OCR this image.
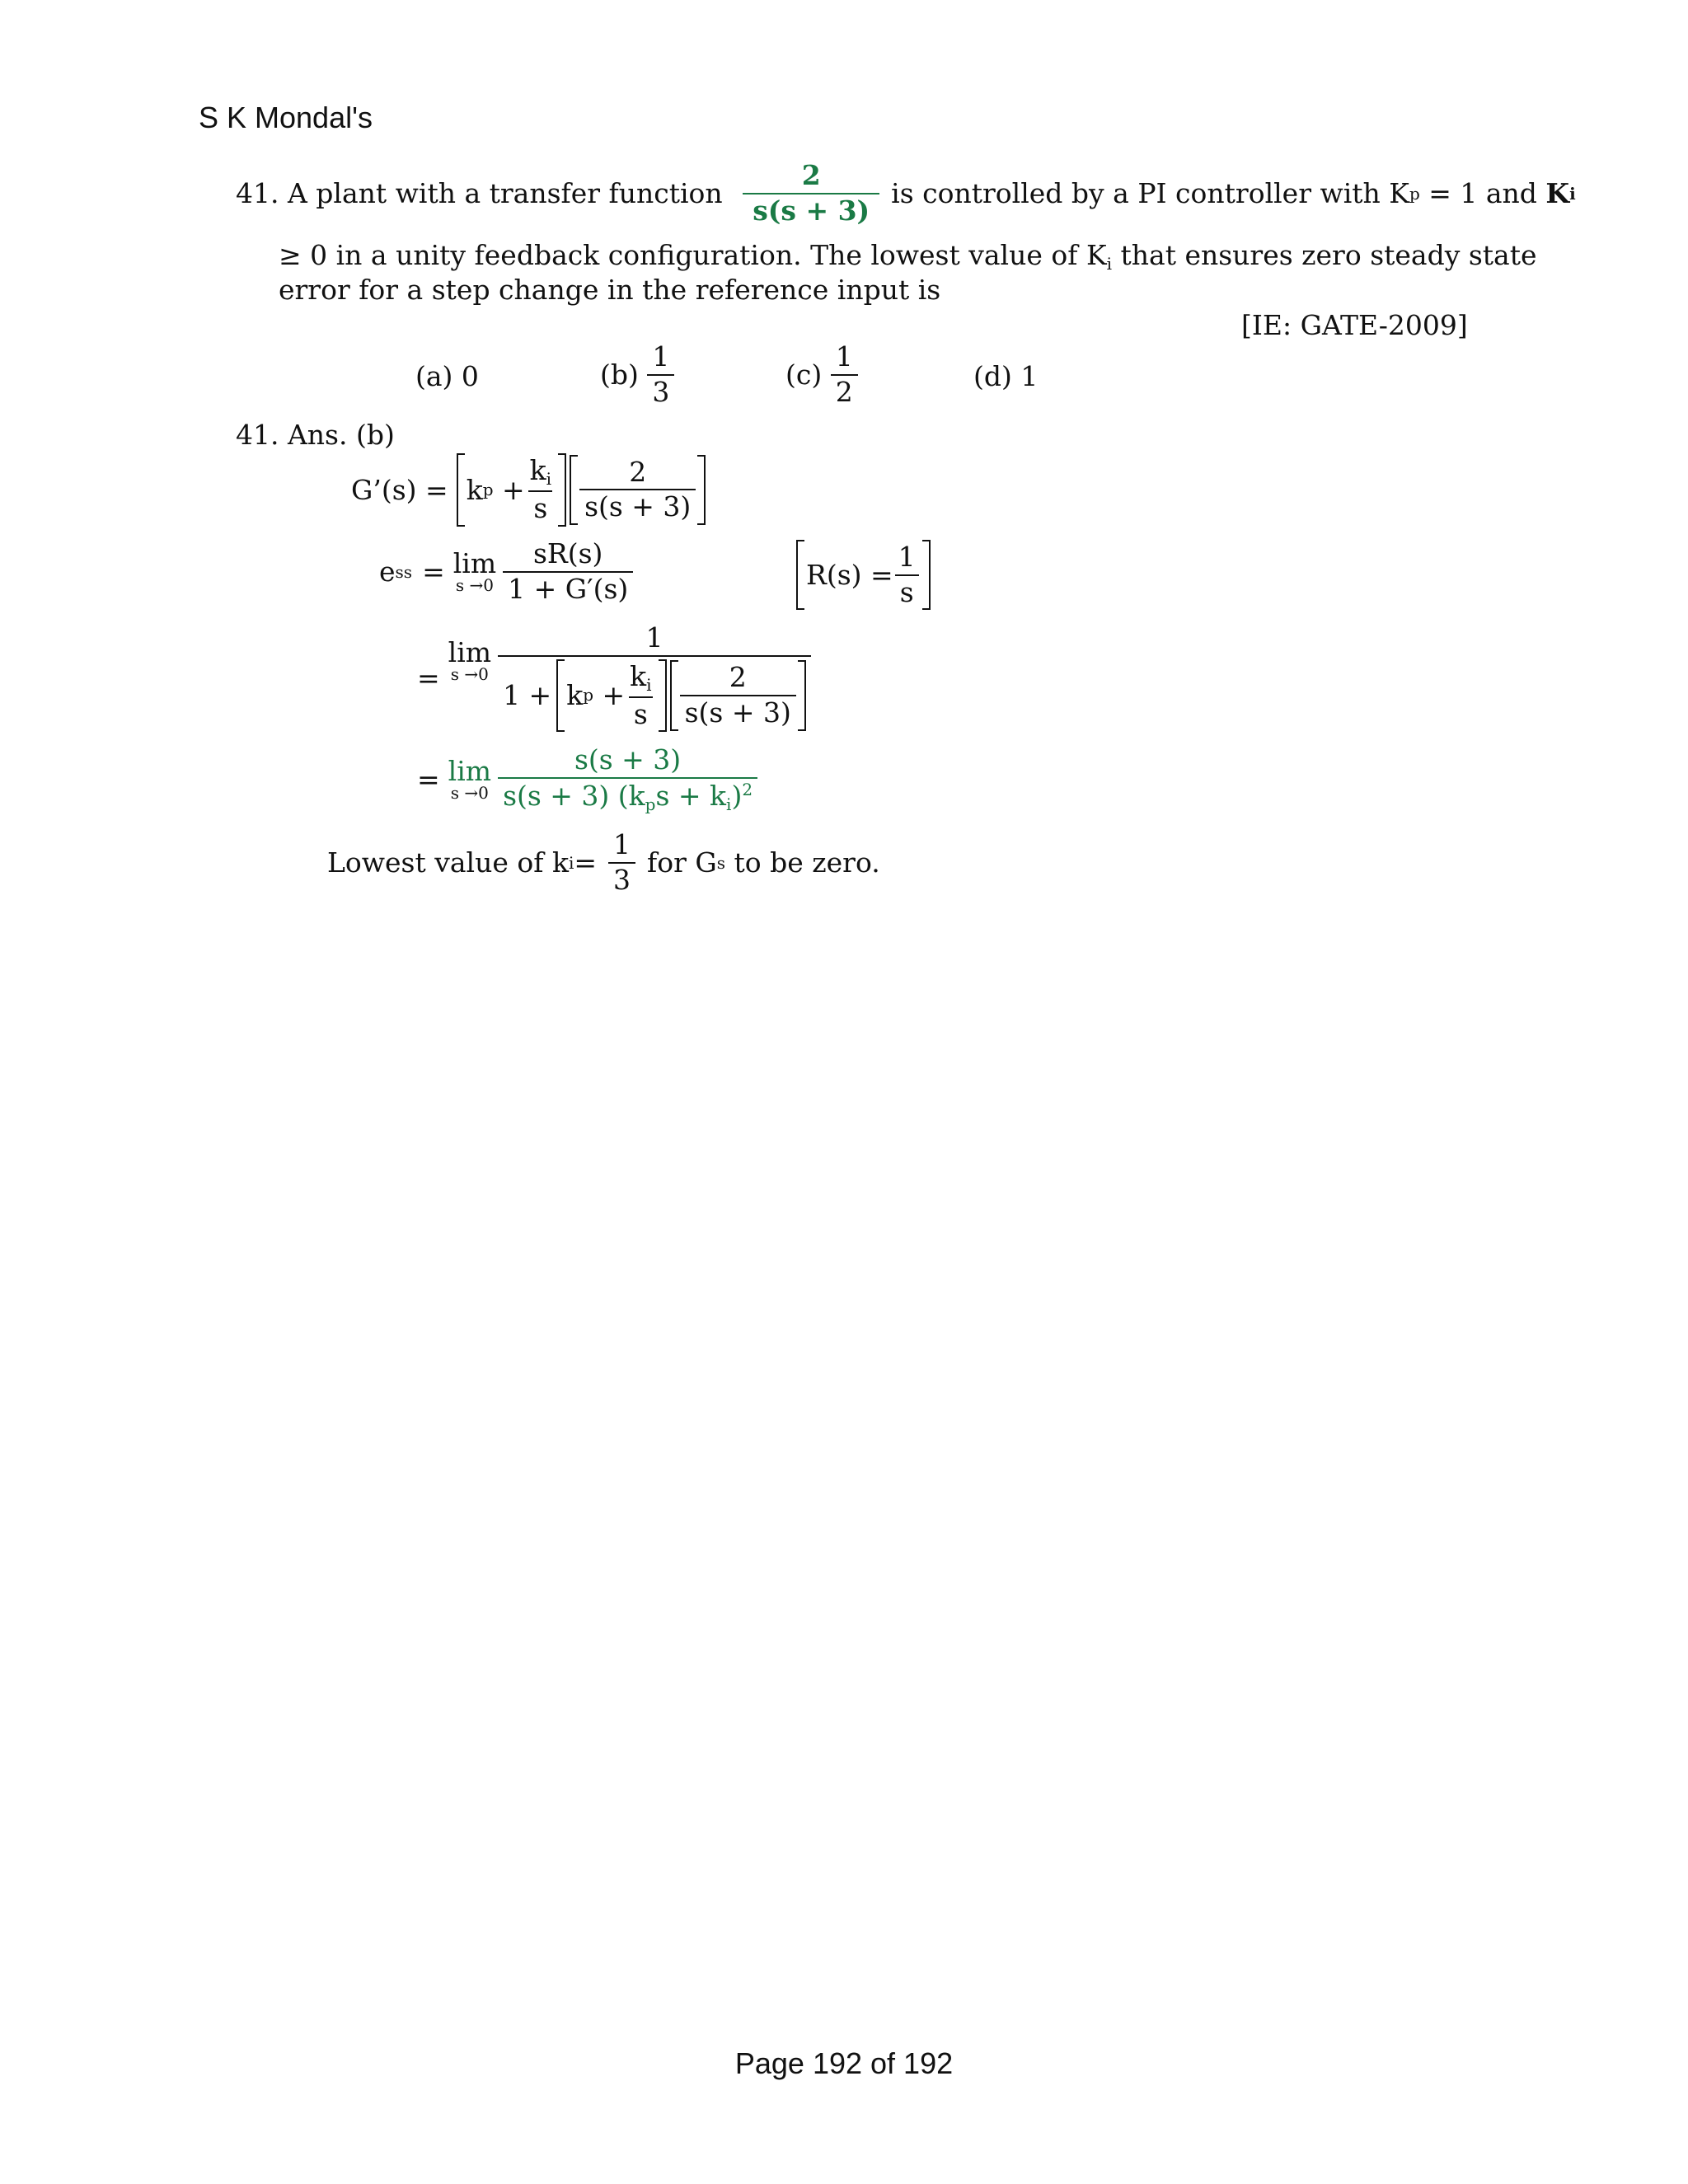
S K Mondal's
41.
A plant with a transfer function
$\frac{2}{s(s + 3)}$ is controlled by a PI controller with K p = 1 and K i
≥ 0 in a unity feedback configuration. The lowest value of Ki that ensures zero steady state
error for a step change in the reference input is
[IE: GATE-2009]
(a) 0	(b)
$\frac{1}{3}$	(c)
$\frac{1}{2}$	(d) 1
41. Ans. (b)
G’(s) = k p
+ $\frac{ki}{s} \frac{2}{s(s + 3)}$
e ss = lim
$s \to 0 \frac{sR(s)}{1 + G'(s)}$	$R(s) = \frac{1}{s}$
=
lim
s →0
1
1 + k p
+ $\frac{ki}{s} \frac{2}{s(s + 3)}$
= lim
$s \to 0 \frac{s(s + 3)}{s(s + 3) (kps + ki)^2}$
Lowest value of k $i = \frac{1}{3}$ for G s to be zero.
Page 192 of 192
